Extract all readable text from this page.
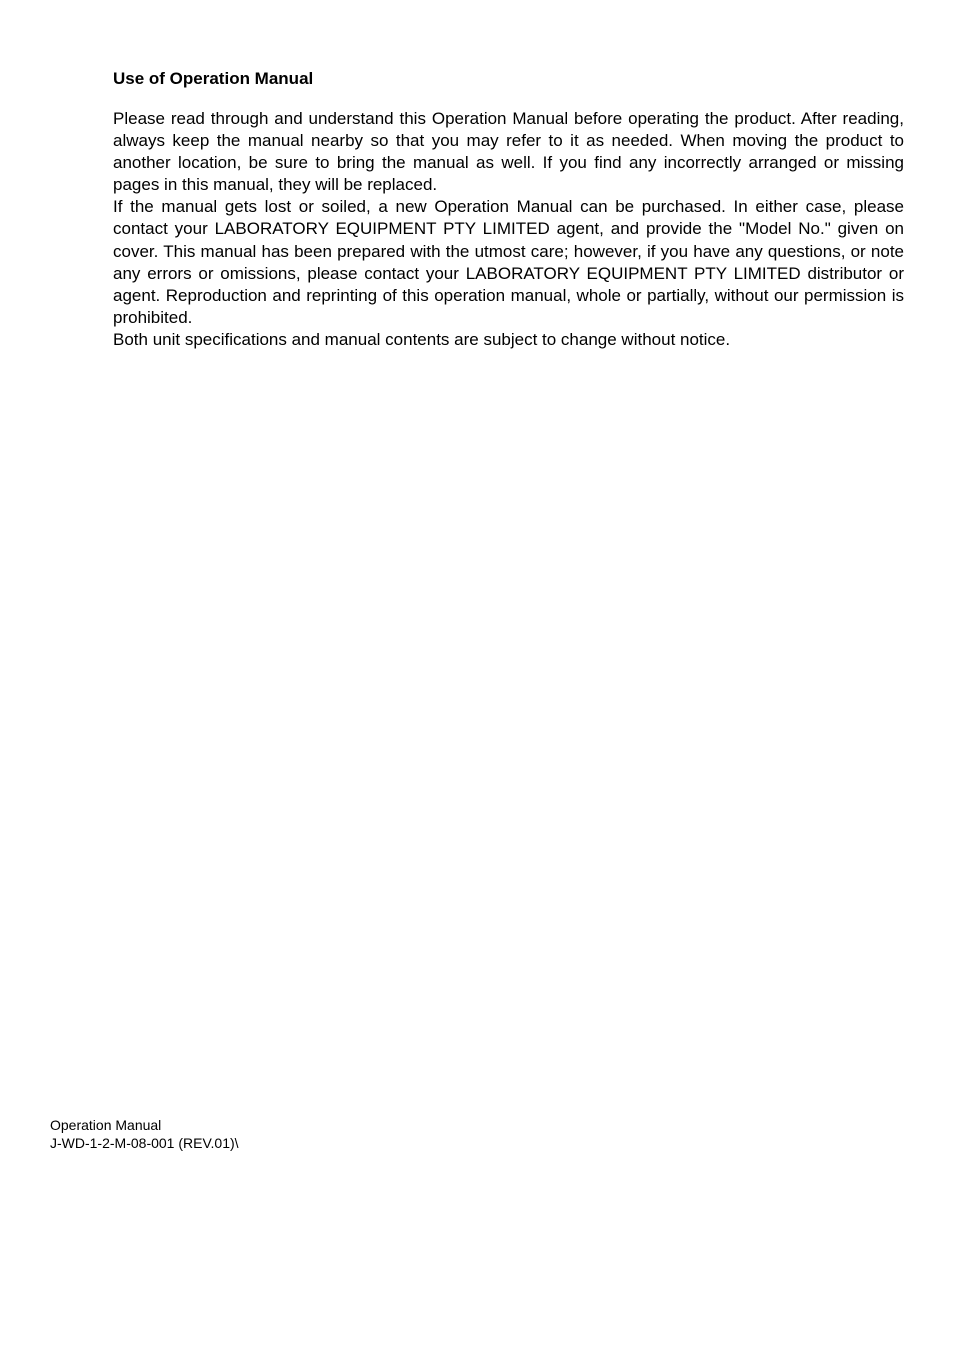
Use of Operation Manual

Please read through and understand this Operation Manual before operating the product. After reading, always keep the manual nearby so that you may refer to it as needed. When moving the product to another location, be sure to bring the manual as well. If you find any incorrectly arranged or missing pages in this manual, they will be replaced.

If the manual gets lost or soiled, a new Operation Manual can be purchased. In either case, please contact your LABORATORY EQUIPMENT PTY LIMITED agent, and provide the "Model No." given on cover. This manual has been prepared with the utmost care; however, if you have any questions, or note any errors or omissions, please contact your LABORATORY EQUIPMENT PTY LIMITED distributor or agent. Reproduction and reprinting of this operation manual, whole or partially, without our permission is prohibited.

Both unit specifications and manual contents are subject to change without notice.

Operation Manual
J-WD-1-2-M-08-001 (REV.01)\
